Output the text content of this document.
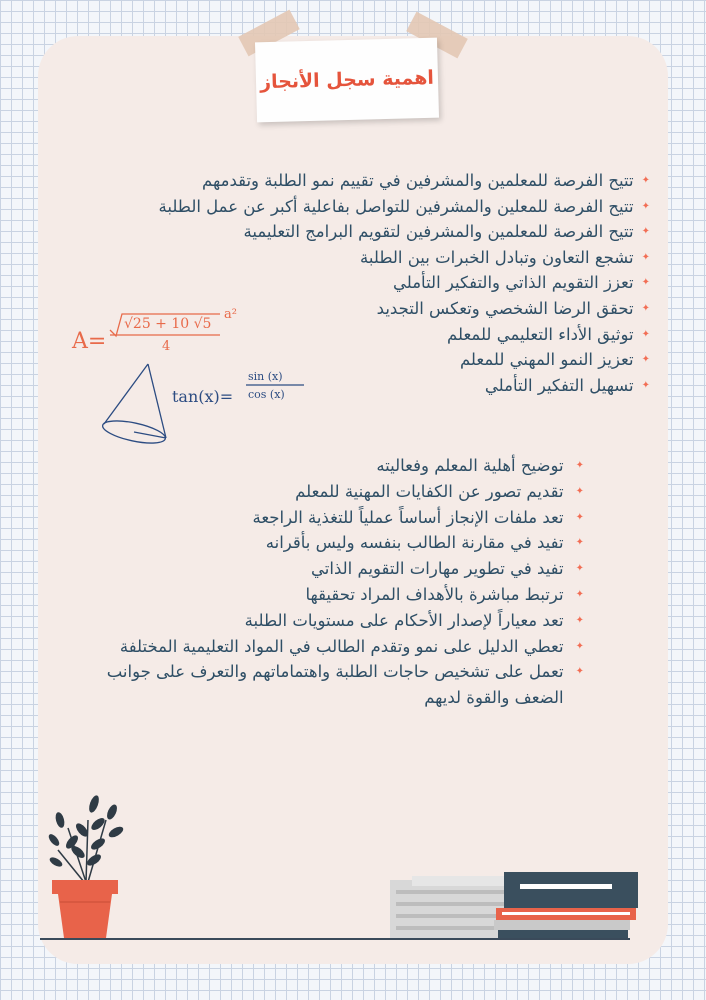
اهمية سجل الأنجاز
✦
تتيح الفرصة للمعلمين والمشرفين في تقييم نمو الطلبة وتقدمهم
✦
تتيح الفرصة للمعلين والمشرفين للتواصل بفاعلية أكبر عن عمل الطلبة
✦
تتيح الفرصة للمعلمين والمشرفين لتقويم البرامج التعليمية
✦
تشجع التعاون وتبادل الخبرات بين الطلبة
✦
تعزز التقويم الذاتي والتفكير التأملي
✦
تحقق الرضا الشخصي وتعكس التجديد
✦
توثيق الأداء التعليمي للمعلم
✦
تعزيز النمو المهني للمعلم
✦
تسهيل التفكير التأملي
A=
√25 + 10 √5
4
a²
tan(x)=
sin (x)
cos (x)
✦
توضيح أهلية المعلم وفعاليته
✦
تقديم تصور عن الكفايات المهنية للمعلم
✦
تعد ملفات الإنجاز أساساً عملياً للتغذية الراجعة
✦
تفيد في مقارنة الطالب بنفسه وليس بأقرانه
✦
تفيد في تطوير مهارات التقويم الذاتي
✦
ترتبط مباشرة بالأهداف المراد تحقيقها
✦
تعد معياراً لإصدار الأحكام على مستويات الطلبة
✦
تعطي الدليل على نمو وتقدم الطالب في المواد التعليمية المختلفة
✦
تعمل على تشخيص حاجات الطلبة واهتماماتهم والتعرف على جوانب الضعف والقوة لديهم
